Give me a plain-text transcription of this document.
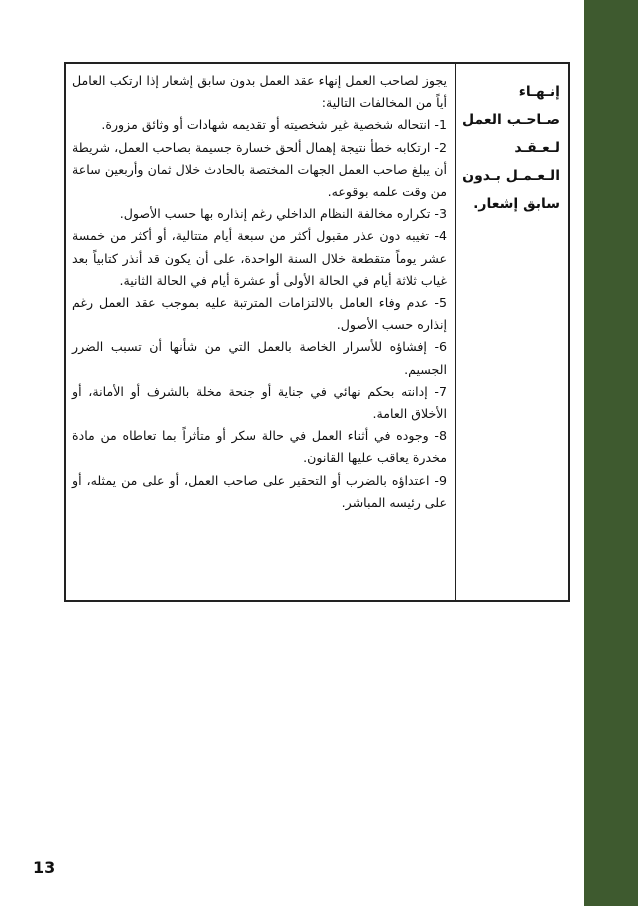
إنـهـاء صـاحـب العمل لـعـقـد الـعـمـل بـدون سابق إشعار.

يجوز لصاحب العمل إنهاء عقد العمل بدون سابق إشعار إذا ارتكب العامل أياً من المخالفات التالية:

1- انتحاله شخصية غير شخصيته أو تقديمه شهادات أو وثائق مزورة.

2- ارتكابه خطأ نتيجة إهمال ألحق خسارة جسيمة بصاحب العمل، شريطة أن يبلغ صاحب العمل الجهات المختصة بالحادث خلال ثمان وأربعين ساعة من وقت علمه بوقوعه.

3- تكراره مخالفة النظام الداخلي رغم إنذاره بها حسب الأصول.

4- تغيبه دون عذر مقبول أكثر من سبعة أيام متتالية، أو أكثر من خمسة عشر يوماً متقطعة خلال السنة الواحدة، على أن يكون قد أنذر كتابياً بعد غياب ثلاثة أيام في الحالة الأولى أو عشرة أيام في الحالة الثانية.

5- عدم وفاء العامل بالالتزامات المترتبة عليه بموجب عقد العمل رغم إنذاره حسب الأصول.

6- إفشاؤه للأسرار الخاصة بالعمل التي من شأنها أن تسبب الضرر الجسيم.

7- إدانته بحكم نهائي في جناية أو جنحة مخلة بالشرف أو الأمانة، أو الأخلاق العامة.

8- وجوده في أثناء العمل في حالة سكر أو متأثراً بما تعاطاه من مادة مخدرة يعاقب عليها القانون.

9- اعتداؤه بالضرب أو التحقير على صاحب العمل، أو على من يمثله، أو على رئيسه المباشر.

13
